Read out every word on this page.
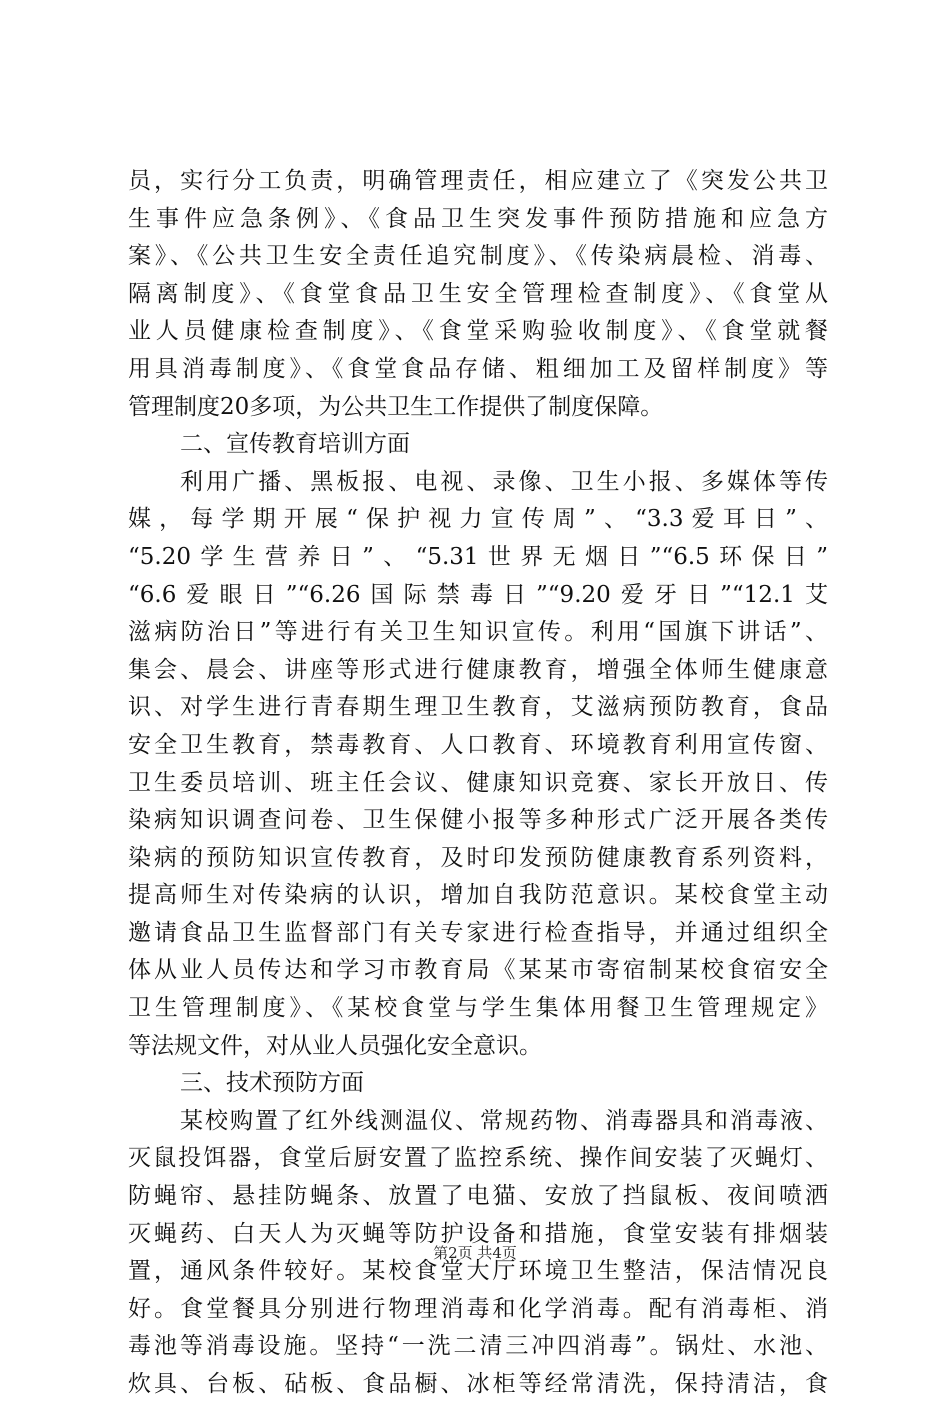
员，实行分工负责，明确管理责任，相应建立了《突发公共卫
生事件应急条例》、《食品卫生突发事件预防措施和应急方
案》、《公共卫生安全责任追究制度》、《传染病晨检、消毒、
隔离制度》、《食堂食品卫生安全管理检查制度》、《食堂从
业人员健康检查制度》、《食堂采购验收制度》、《食堂就餐
用具消毒制度》、《食堂食品存储、粗细加工及留样制度》等
管理制度20多项，为公共卫生工作提供了制度保障。
二、宣传教育培训方面
利用广播、黑板报、电视、录像、卫生小报、多媒体等传
媒，每学期开展“保护视力宣传周”、“3.3爱耳日”、
“5.20学生营养日”、“5.31世界无烟日”“6.5环保日”
“6.6爱眼日”“6.26国际禁毒日”“9.20爱牙日”“12.1艾
滋病防治日”等进行有关卫生知识宣传。利用“国旗下讲话”、
集会、晨会、讲座等形式进行健康教育，增强全体师生健康意
识、对学生进行青春期生理卫生教育，艾滋病预防教育，食品
安全卫生教育，禁毒教育、人口教育、环境教育利用宣传窗、
卫生委员培训、班主任会议、健康知识竞赛、家长开放日、传
染病知识调查问卷、卫生保健小报等多种形式广泛开展各类传
染病的预防知识宣传教育，及时印发预防健康教育系列资料，
提高师生对传染病的认识，增加自我防范意识。某校食堂主动
邀请食品卫生监督部门有关专家进行检查指导，并通过组织全
体从业人员传达和学习市教育局《某某市寄宿制某校食宿安全
卫生管理制度》、《某校食堂与学生集体用餐卫生管理规定》
等法规文件，对从业人员强化安全意识。
三、技术预防方面
某校购置了红外线测温仪、常规药物、消毒器具和消毒液、
灭鼠投饵器，食堂后厨安置了监控系统、操作间安装了灭蝇灯、
防蝇帘、悬挂防蝇条、放置了电猫、安放了挡鼠板、夜间喷洒
灭蝇药、白天人为灭蝇等防护设备和措施，食堂安装有排烟装
置，通风条件较好。某校食堂大厅环境卫生整洁，保洁情况良
好。食堂餐具分别进行物理消毒和化学消毒。配有消毒柜、消
毒池等消毒设施。坚持“一洗二清三冲四消毒”。锅灶、水池、
炊具、台板、砧板、食品橱、冰柜等经常清洗，保持清洁，食
第2页 共4页
